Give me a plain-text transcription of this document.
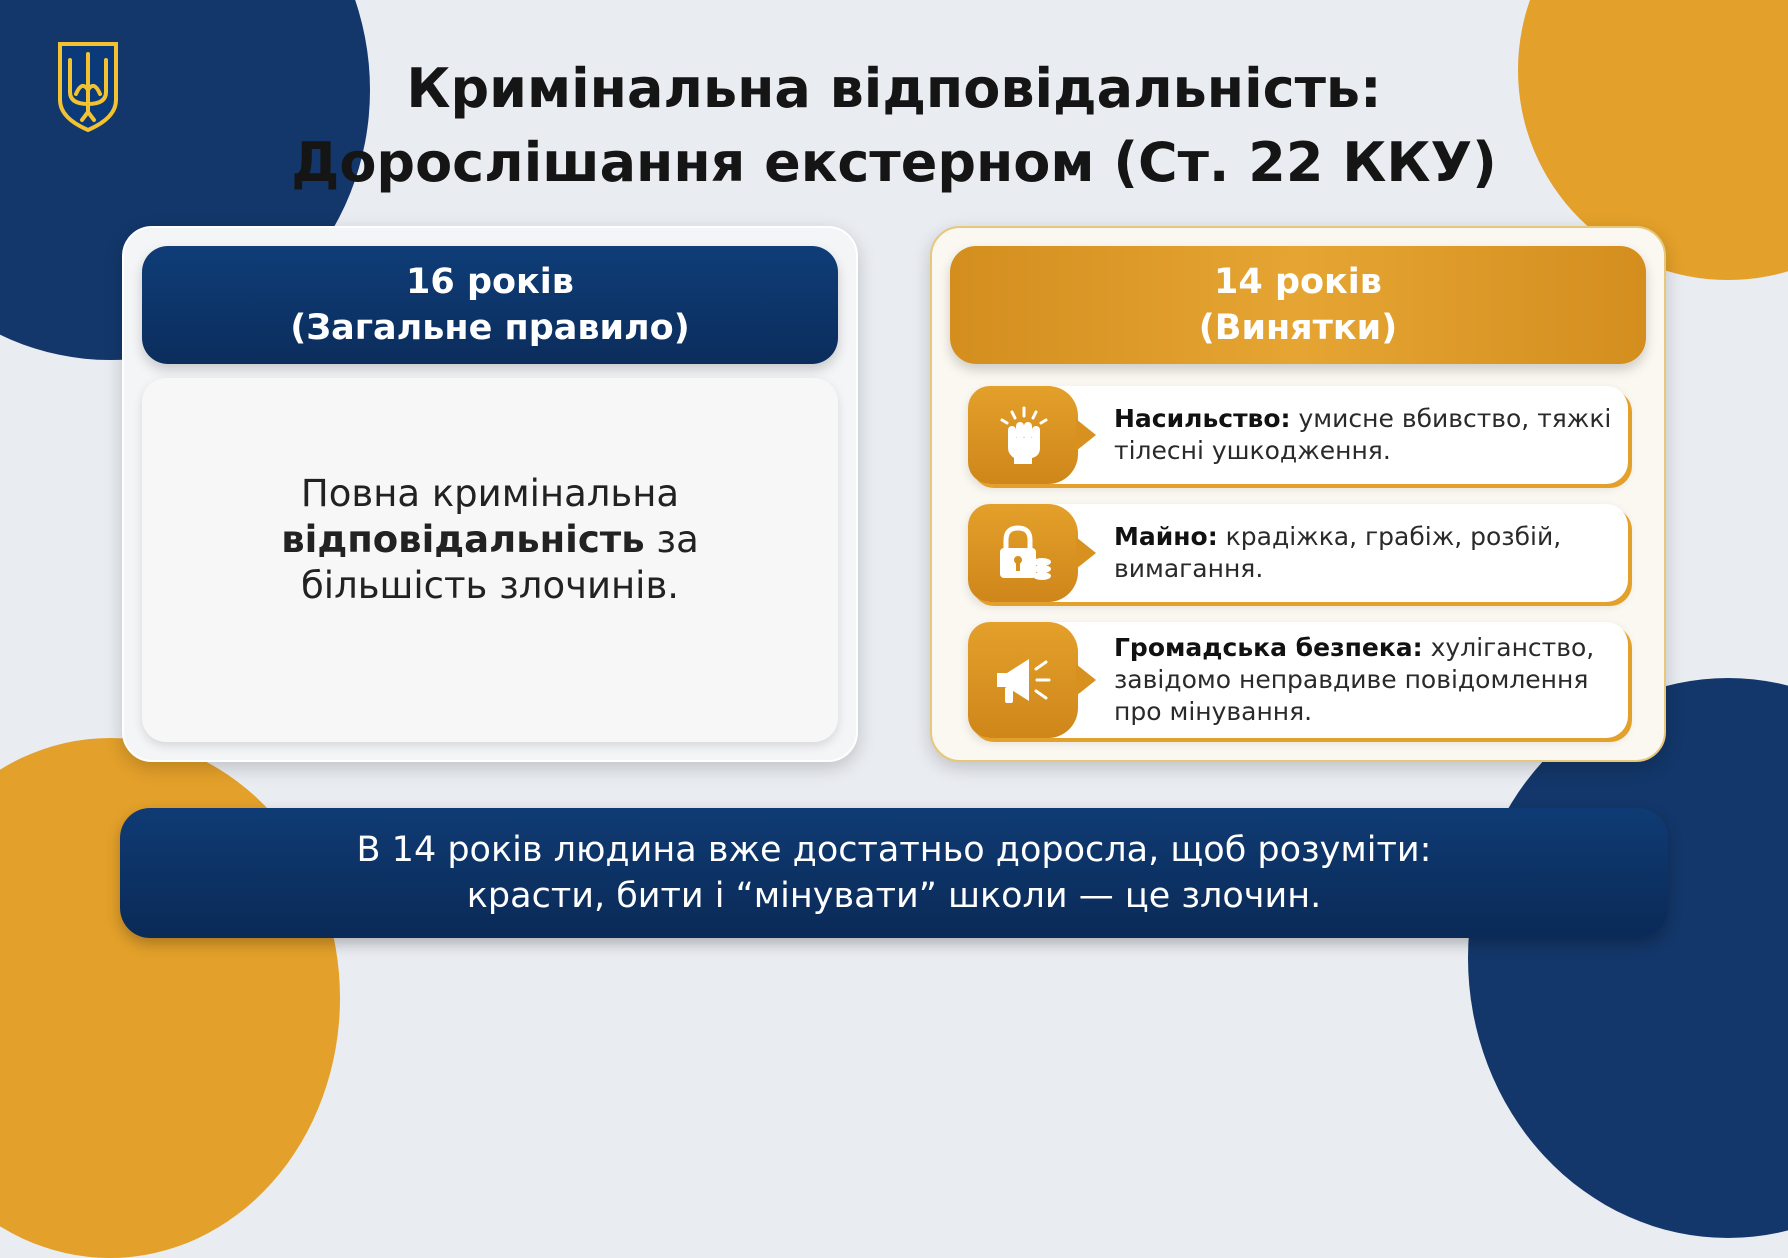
Кримінальна відповідальність:
Дорослішання екстерном (Ст. 22 ККУ)
16 років
(Загальне правило)
Повна кримінальна відповідальність за більшість злочинів.
14 років
(Винятки)
Насильство: умисне вбивство, тяжкі тілесні ушкодження.
Майно: крадіжка, грабіж, розбій, вимагання.
Громадська безпека: хуліганство, завідомо неправдиве повідомлення про мінування.
В 14 років людина вже достатньо доросла, щоб розуміти:
красти, бити і “мінувати” школи — це злочин.
